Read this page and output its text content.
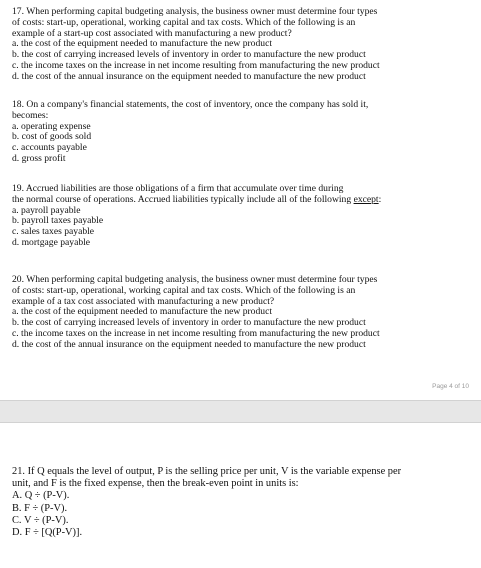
17. When performing capital budgeting analysis, the business owner must determine four types

of costs: start-up, operational, working capital and tax costs. Which of the following is an

example of a start-up cost associated with manufacturing a new product?

a. the cost of the equipment needed to manufacture the new product

b. the cost of carrying increased levels of inventory in order to manufacture the new product

c. the income taxes on the increase in net income resulting from manufacturing the new product

d. the cost of the annual insurance on the equipment needed to manufacture the new product

18. On a company's financial statements, the cost of inventory, once the company has sold it,

becomes:

a. operating expense

b. cost of goods sold

c. accounts payable

d. gross profit

19. Accrued liabilities are those obligations of a firm that accumulate over time during

the normal course of operations. Accrued liabilities typically include all of the following except:

a. payroll payable

b. payroll taxes payable

c. sales taxes payable

d. mortgage payable

20. When performing capital budgeting analysis, the business owner must determine four types

of costs: start-up, operational, working capital and tax costs. Which of the following is an

example of a tax cost associated with manufacturing a new product?

a. the cost of the equipment needed to manufacture the new product

b. the cost of carrying increased levels of inventory in order to manufacture the new product

c. the income taxes on the increase in net income resulting from manufacturing the new product

d. the cost of the annual insurance on the equipment needed to manufacture the new product

Page 4 of 10

21. If Q equals the level of output, P is the selling price per unit, V is the variable expense per

unit, and F is the fixed expense, then the break-even point in units is:

A. Q ÷ (P-V).

B. F ÷ (P-V).

C. V ÷ (P-V).

D. F ÷ [Q(P-V)].
